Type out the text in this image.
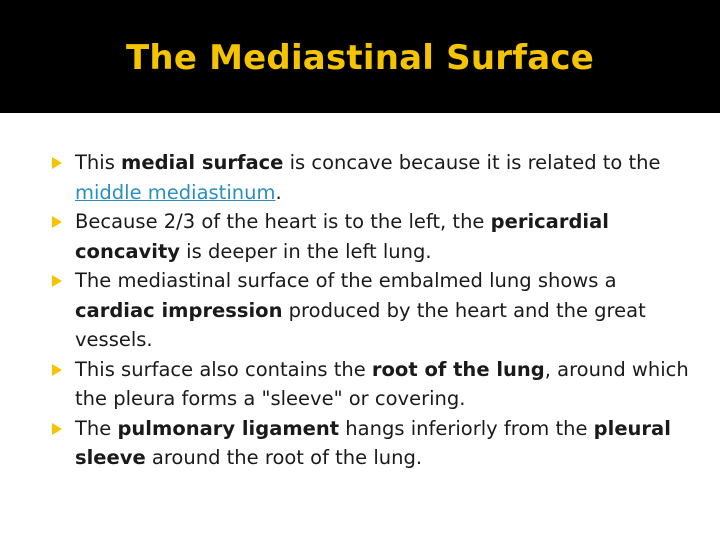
The Mediastinal Surface
This medial surface is concave because it is related to the middle mediastinum.
Because 2/3 of the heart is to the left, the pericardial concavity is deeper in the left lung.
The mediastinal surface of the embalmed lung shows a cardiac impression produced by the heart and the great vessels.
This surface also contains the root of the lung, around which the pleura forms a "sleeve" or covering.
The pulmonary ligament hangs inferiorly from the pleural sleeve around the root of the lung.
